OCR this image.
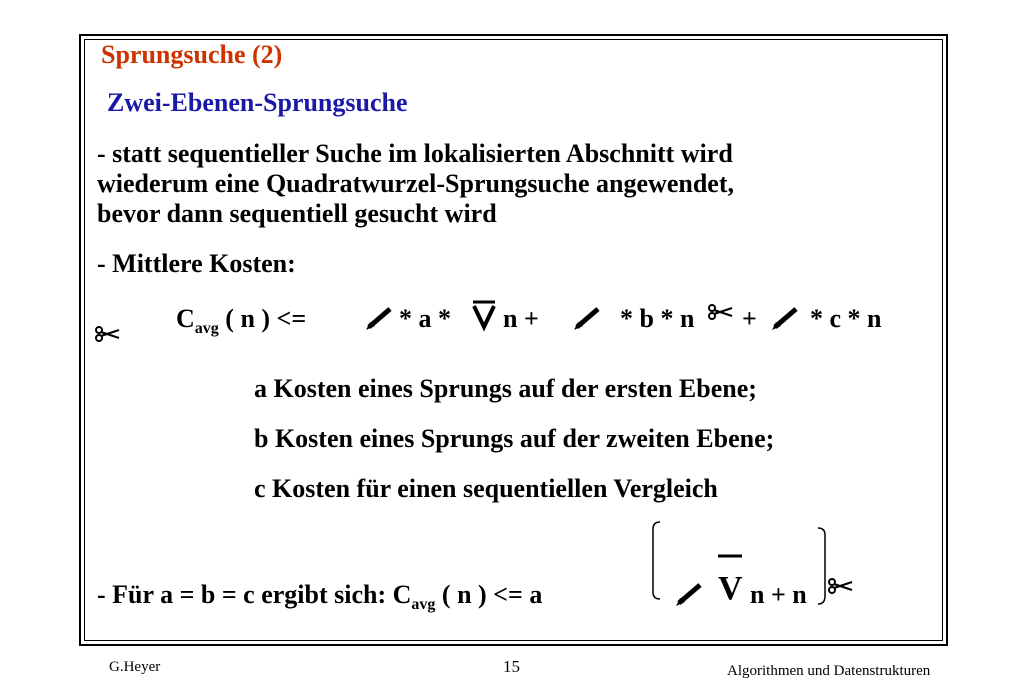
Sprungsuche (2)
Zwei-Ebenen-Sprungsuche
- statt sequentieller Suche im lokalisierten Abschnitt wird
wiederum eine Quadratwurzel-Sprungsuche angewendet,
bevor dann sequentiell gesucht wird
- Mittlere Kosten:
$C_{avg}$ ( n ) <=	* a * n +	* b * n + * c * n
a Kosten eines Sprungs auf der ersten Ebene;
b Kosten eines Sprungs auf der zweiten Ebene;
c Kosten für einen sequentiellen Vergleich
- Für a = b = c ergibt sich: $C_{avg}$ ( n ) <= a	V n + n
G.Heyer	15	Algorithmen und Datenstrukturen
